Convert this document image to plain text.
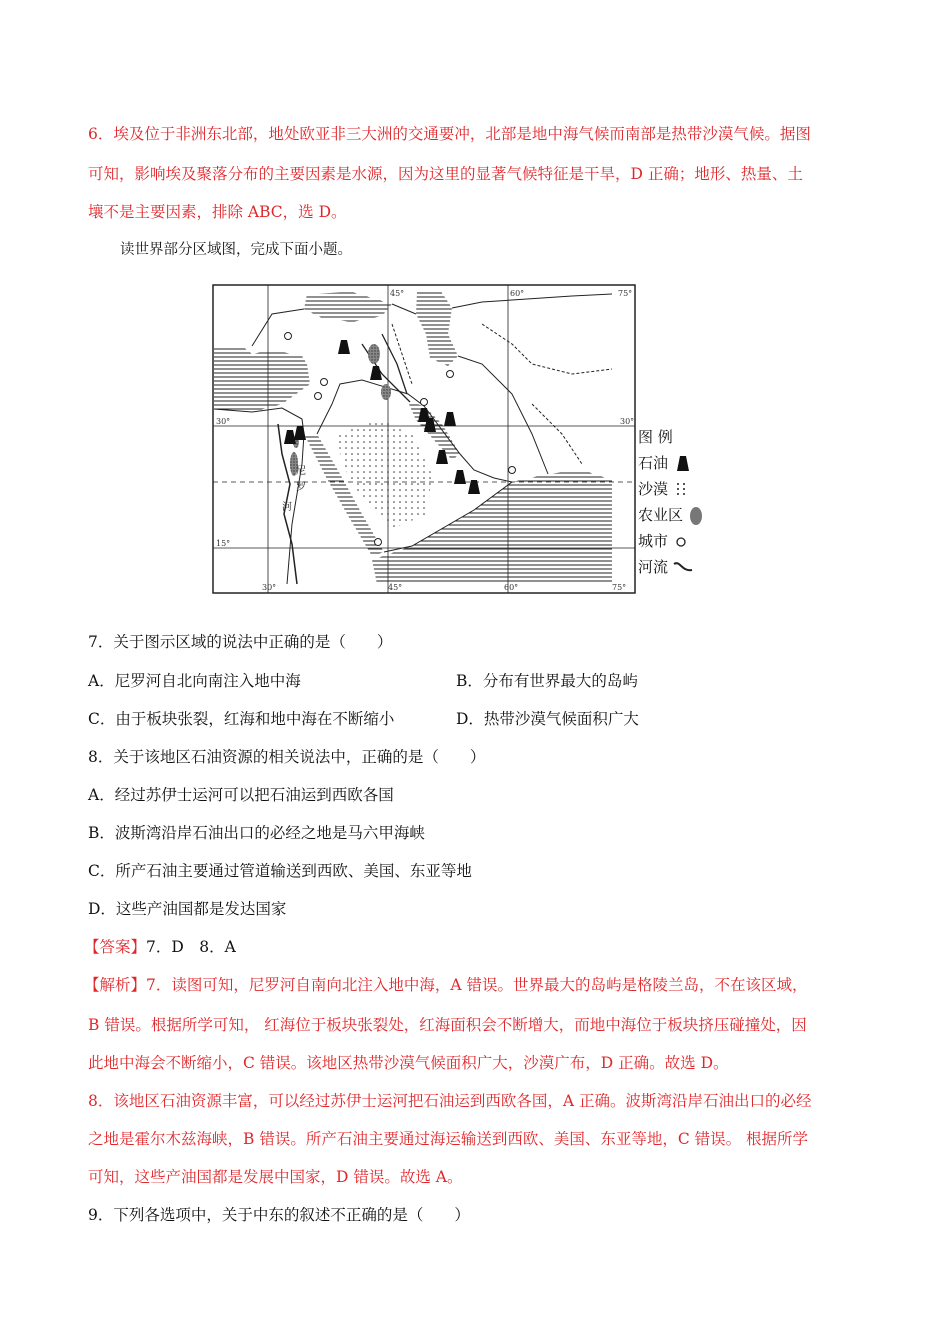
6．埃及位于非洲东北部，地处欧亚非三大洲的交通要冲，北部是地中海气候而南部是热带沙漠气候。据图
可知，影响埃及聚落分布的主要因素是水源，因为这里的显著气候特征是干旱，D 正确；地形、热量、土
壤不是主要因素，排除 ABC，选 D。
读世界部分区域图，完成下面小题。
45°	60°	75°
30°	45°	60°	75°
30°
15°
30°
尼
罗
河
图 例
石油
沙漠
农业区
城市
河流
7．关于图示区域的说法中正确的是（　　）
A．尼罗河自北向南注入地中海	B．分布有世界最大的岛屿
C．由于板块张裂，红海和地中海在不断缩小	D．热带沙漠气候面积广大
8．关于该地区石油资源的相关说法中，正确的是（　　）
A．经过苏伊士运河可以把石油运到西欧各国
B．波斯湾沿岸石油出口的必经之地是马六甲海峡
C．所产石油主要通过管道输送到西欧、美国、东亚等地
D．这些产油国都是发达国家
【答案】7．D　8．A
【解析】7．读图可知，尼罗河自南向北注入地中海，A 错误。世界最大的岛屿是格陵兰岛，不在该区域，
B 错误。根据所学可知， 红海位于板块张裂处，红海面积会不断增大，而地中海位于板块挤压碰撞处，因
此地中海会不断缩小，C 错误。该地区热带沙漠气候面积广大，沙漠广布，D 正确。故选 D。
8．该地区石油资源丰富，可以经过苏伊士运河把石油运到西欧各国，A 正确。波斯湾沿岸石油出口的必经
之地是霍尔木兹海峡，B 错误。所产石油主要通过海运输送到西欧、美国、东亚等地，C 错误。 根据所学
可知，这些产油国都是发展中国家，D 错误。故选 A。
9．下列各选项中，关于中东的叙述不正确的是（　　）
